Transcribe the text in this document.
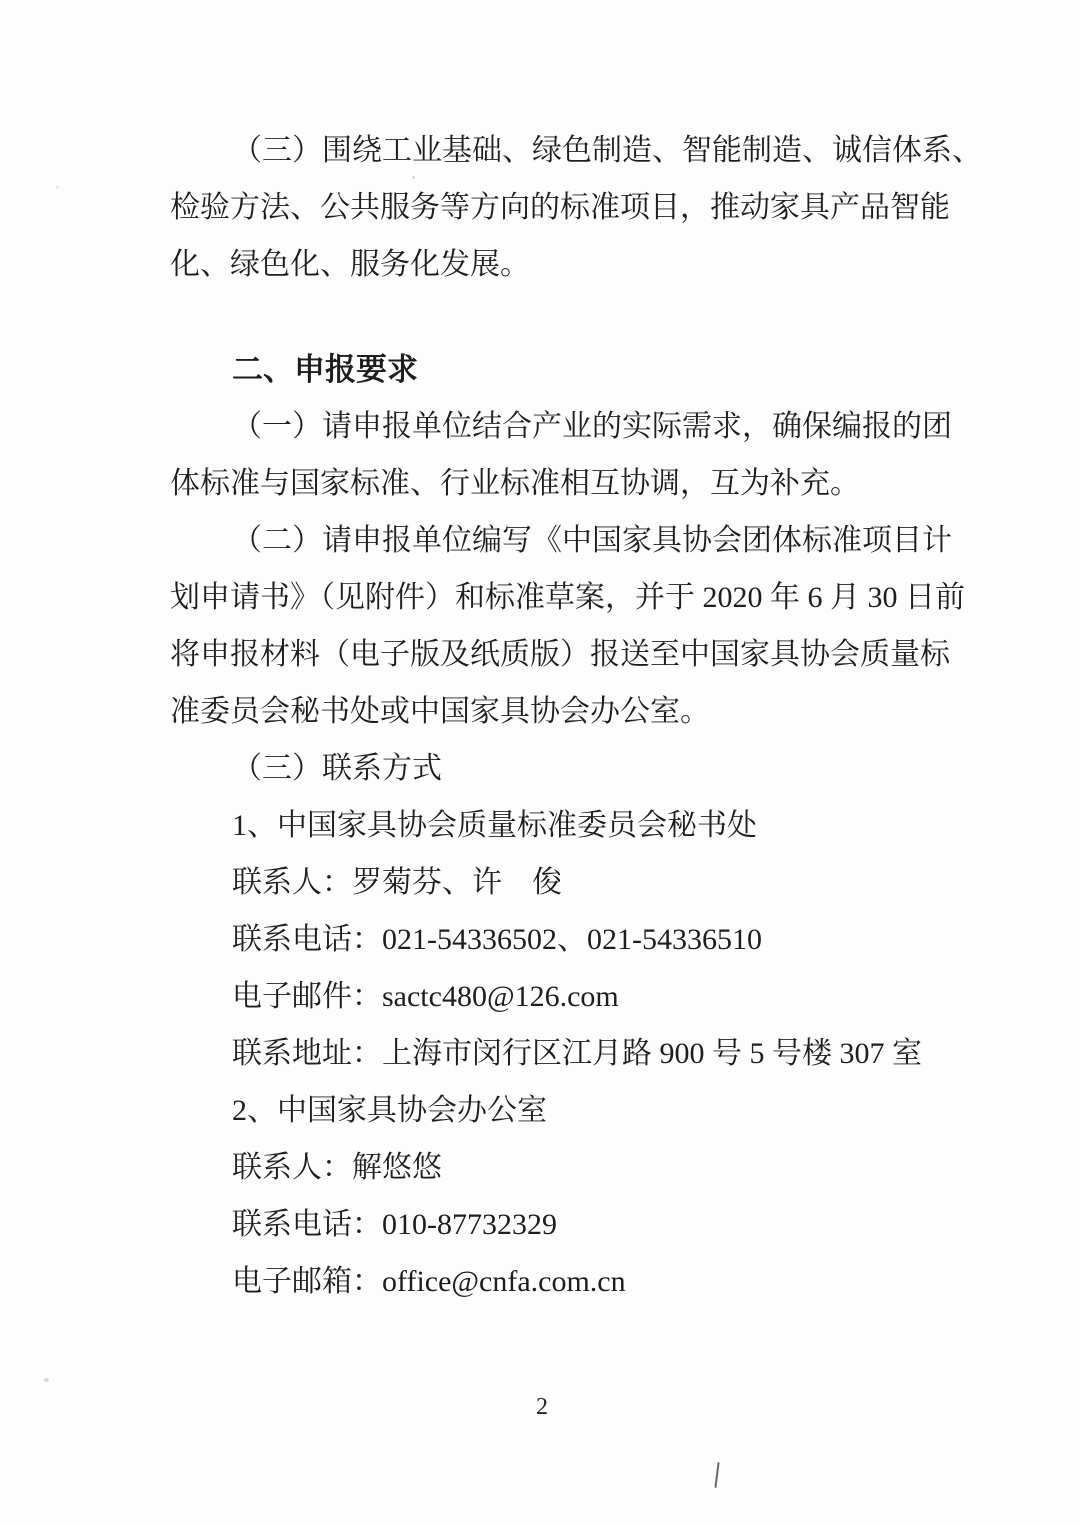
（三）围绕工业基础、绿色制造、智能制造、诚信体系、
检验方法、公共服务等方向的标准项目，推动家具产品智能
化、绿色化、服务化发展。
二、申报要求
（一）请申报单位结合产业的实际需求，确保编报的团
体标准与国家标准、行业标准相互协调，互为补充。
（二）请申报单位编写《中国家具协会团体标准项目计
划申请书》（见附件）和标准草案，并于 2020 年 6 月 30 日前
将申报材料（电子版及纸质版）报送至中国家具协会质量标
准委员会秘书处或中国家具协会办公室。
（三）联系方式
1、中国家具协会质量标准委员会秘书处
联系人：罗菊芬、许　俊
联系电话：021-54336502、021-54336510
电子邮件：sactc480@126.com
联系地址：上海市闵行区江月路 900 号 5 号楼 307 室
2、中国家具协会办公室
联系人：解悠悠
联系电话：010-87732329
电子邮箱：office@cnfa.com.cn
2
